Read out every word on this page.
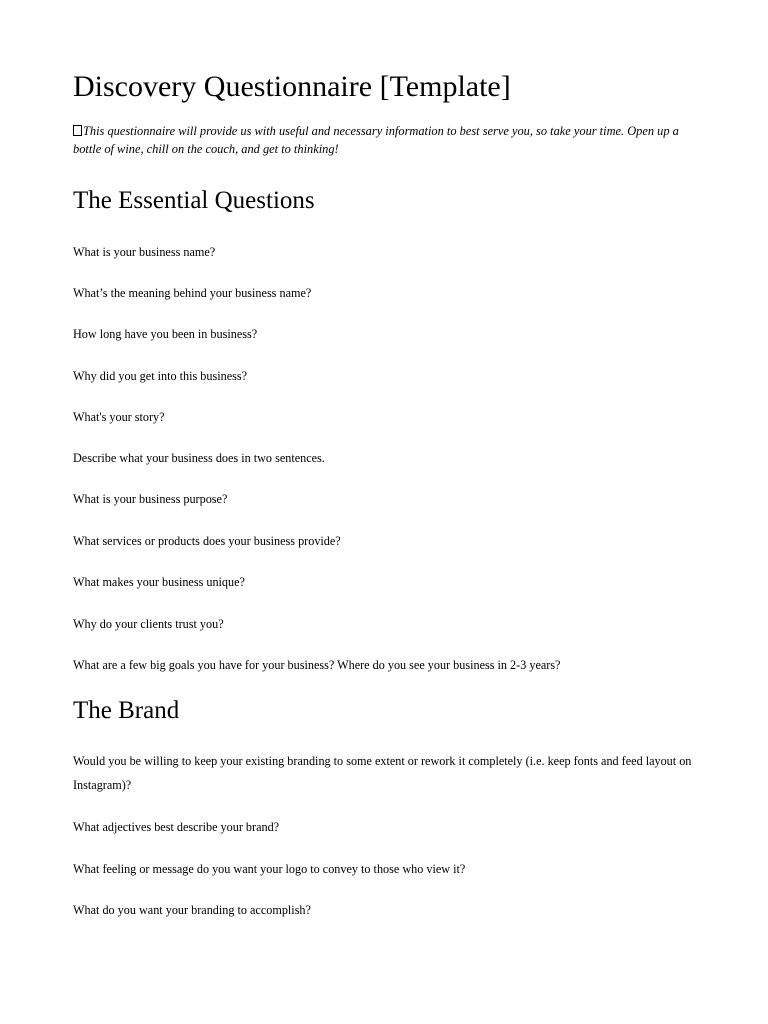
Discovery Questionnaire [Template]

This questionnaire will provide us with useful and necessary information to best serve you, so take your time. Open up a bottle of wine, chill on the couch, and get to thinking!

The Essential Questions

What is your business name?

What’s the meaning behind your business name?

How long have you been in business?

Why did you get into this business?

What's your story?

Describe what your business does in two sentences.

What is your business purpose?

What services or products does your business provide?

What makes your business unique?

Why do your clients trust you?

What are a few big goals you have for your business? Where do you see your business in 2-3 years?

The Brand

Would you be willing to keep your existing branding to some extent or rework it completely (i.e. keep fonts and feed layout on Instagram)?

What adjectives best describe your brand?

What feeling or message do you want your logo to convey to those who view it?

What do you want your branding to accomplish?
